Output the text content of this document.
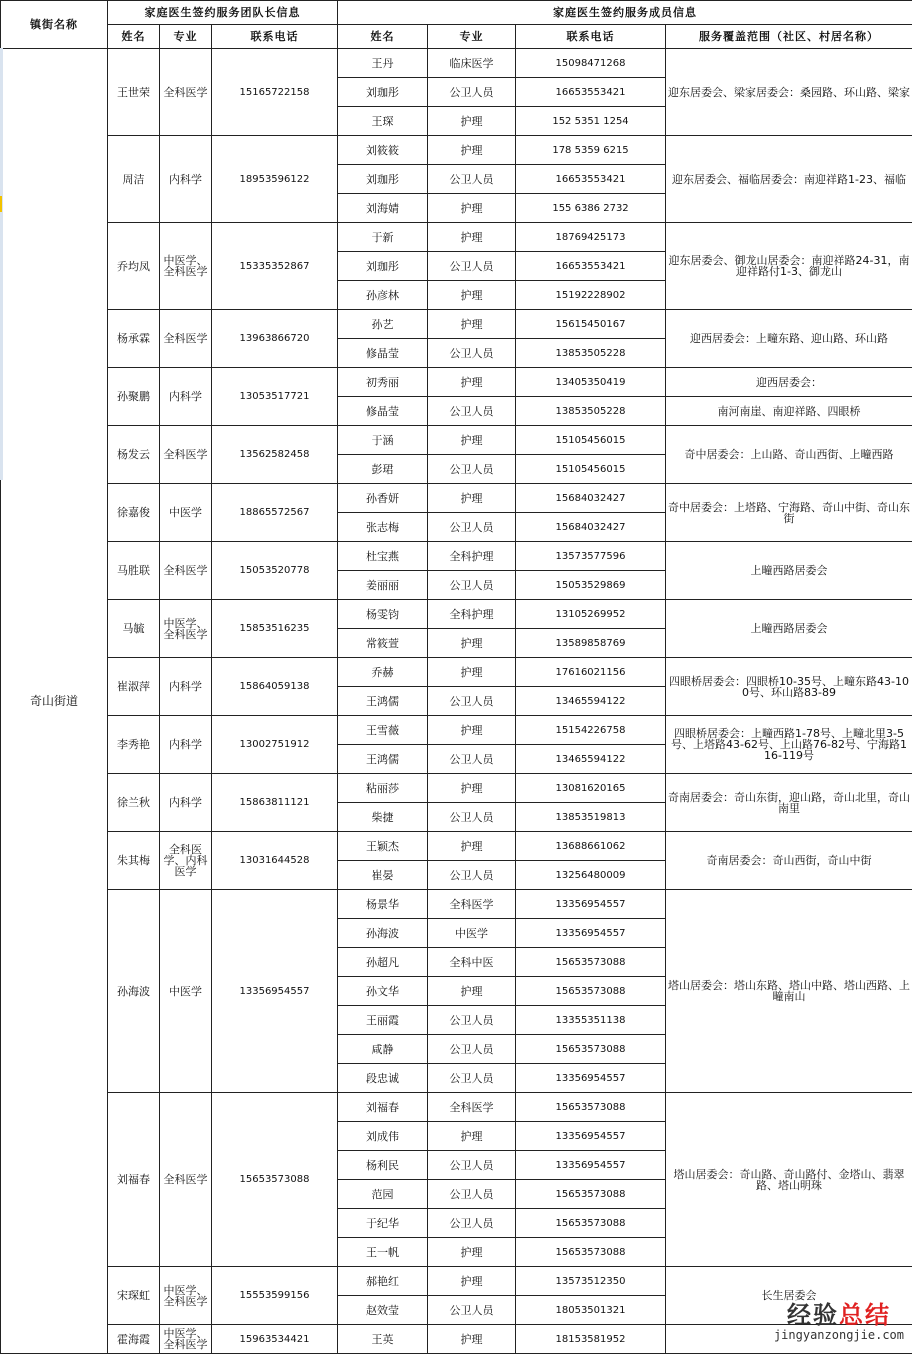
镇街名称	家庭医生签约服务团队长信息			家庭医生签约服务成员信息			
	姓名	专业	联系电话	姓名	专业	联系电话	服务覆盖范围（社区、村居名称）
奇山街道	王世荣	全科医学	15165722158	王丹	临床医学	15098471268	迎东居委会、梁家居委会：桑园路、环山路、梁家
				刘珈彤	公卫人员	16653553421	
				王琛	护理	152 5351 1254	
	周洁	内科学	18953596122	刘筱筱	护理	178 5359 6215	迎东居委会、福临居委会：南迎祥路1-23、福临
				刘珈彤	公卫人员	16653553421	
				刘海婧	护理	155 6386 2732	
	乔均凤	中医学、全科医学	15335352867	于新	护理	18769425173	迎东居委会、御龙山居委会：南迎祥路24-31，南迎祥路付1-3、御龙山
				刘珈彤	公卫人员	16653553421	
				孙彦林	护理	15192228902	
	杨承霖	全科医学	13963866720	孙艺	护理	15615450167	迎西居委会：上疃东路、迎山路、环山路
				修晶莹	公卫人员	13853505228	
	孙聚鹏	内科学	13053517721	初秀丽	护理	13405350419	迎西居委会：
				修晶莹	公卫人员	13853505228	南河南崖、南迎祥路、四眼桥
	杨发云	全科医学	13562582458	于涵	护理	15105456015	奇中居委会：上山路、奇山西街、上疃西路
				彭珺	公卫人员	15105456015	
	徐嘉俊	中医学	18865572567	孙香妍	护理	15684032427	奇中居委会：上塔路、宁海路、奇山中街、奇山东街
				张志梅	公卫人员	15684032427	
	马胜联	全科医学	15053520778	杜宝燕	全科护理	13573577596	上疃西路居委会
				姜丽丽	公卫人员	15053529869	
	马毓	中医学、全科医学	15853516235	杨雯钧	全科护理	13105269952	上疃西路居委会
				常筱萱	护理	13589858769	
	崔淑萍	内科学	15864059138	乔赫	护理	17616021156	四眼桥居委会：四眼桥10-35号、上疃东路43-100号、环山路83-89
				王鸿儒	公卫人员	13465594122	
	李秀艳	内科学	13002751912	王雪薇	护理	15154226758	四眼桥居委会：上疃西路1-78号、上疃北里3-5号、上塔路43-62号、上山路76-82号、宁海路116-119号
				王鸿儒	公卫人员	13465594122	
	徐兰秋	内科学	15863811121	粘丽莎	护理	13081620165	奇南居委会：奇山东街，迎山路，奇山北里，奇山南里
				柴捷	公卫人员	13853519813	
	朱其梅	全科医学、内科医学	13031644528	王颖杰	护理	13688661062	奇南居委会：奇山西街，奇山中街
				崔晏	公卫人员	13256480009	
	孙海波	中医学	13356954557	杨景华	全科医学	13356954557	塔山居委会：塔山东路、塔山中路、塔山西路、上疃南山
				孙海波	中医学	13356954557	
				孙超凡	全科中医	15653573088	
				孙文华	护理	15653573088	
				王丽霞	公卫人员	13355351138	
				咸静	公卫人员	15653573088	
				段忠诚	公卫人员	13356954557	
	刘福春	全科医学	15653573088	刘福春	全科医学	15653573088	塔山居委会：奇山路、奇山路付、金塔山、翡翠路、塔山明珠
				刘成伟	护理	13356954557	
				杨利民	公卫人员	13356954557	
				范园	公卫人员	15653573088	
				于纪华	公卫人员	15653573088	
				王一帆	护理	15653573088	
	宋琛虹	中医学、全科医学	15553599156	郝艳红	护理	13573512350	长生居委会
				赵效莹	公卫人员	18053501321	
	霍海霞	中医学、全科医学	15963534421	王英	护理	18153581952	
经验总结
jingyanzongjie.com
